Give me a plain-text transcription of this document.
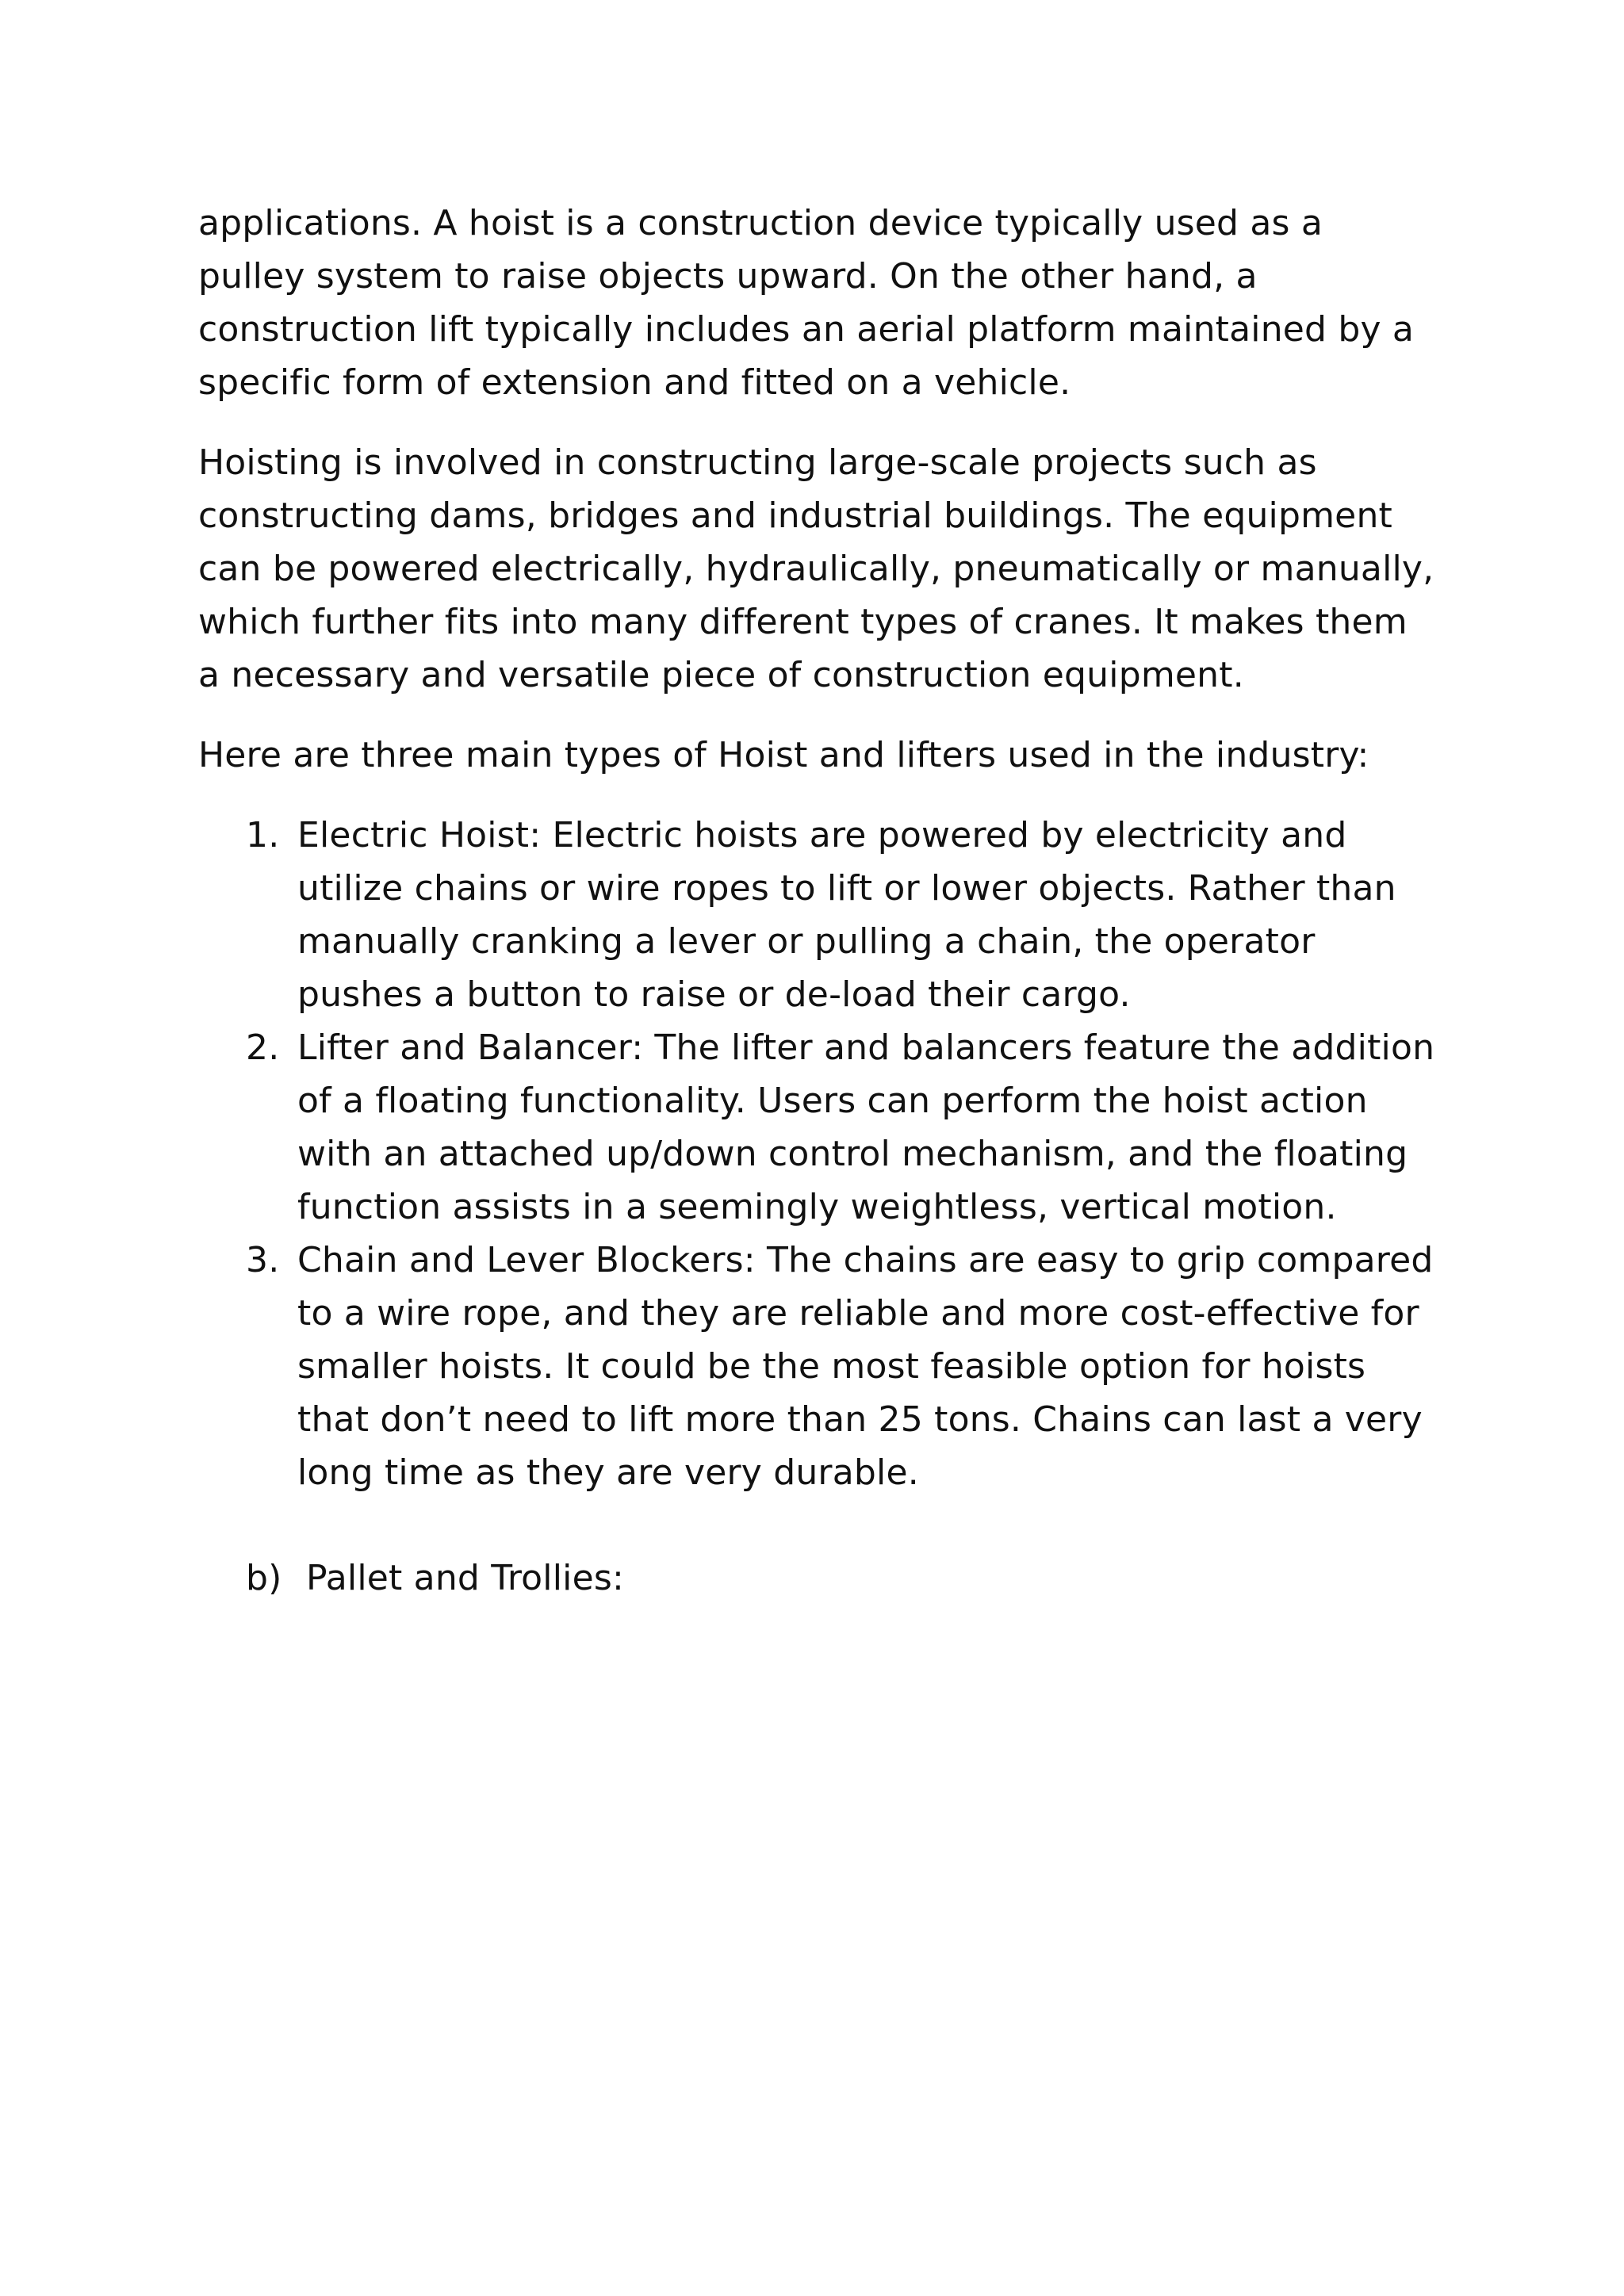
applications. A hoist is a construction device typically used as a pulley system to raise objects upward. On the other hand, a construction lift typically includes an aerial platform maintained by a specific form of extension and fitted on a vehicle.

Hoisting is involved in constructing large-scale projects such as constructing dams, bridges and industrial buildings. The equipment can be powered electrically, hydraulically, pneumatically or manually, which further fits into many different types of cranes. It makes them a necessary and versatile piece of construction equipment.

Here are three main types of Hoist and lifters used in the industry:

1. Electric Hoist: Electric hoists are powered by electricity and utilize chains or wire ropes to lift or lower objects. Rather than manually cranking a lever or pulling a chain, the operator pushes a button to raise or de-load their cargo.
2. Lifter and Balancer: The lifter and balancers feature the addition of a floating functionality. Users can perform the hoist action with an attached up/down control mechanism, and the floating function assists in a seemingly weightless, vertical motion.
3. Chain and Lever Blockers: The chains are easy to grip compared to a wire rope, and they are reliable and more cost-effective for smaller hoists. It could be the most feasible option for hoists that don’t need to lift more than 25 tons. Chains can last a very long time as they are very durable.
b) Pallet and Trollies:
